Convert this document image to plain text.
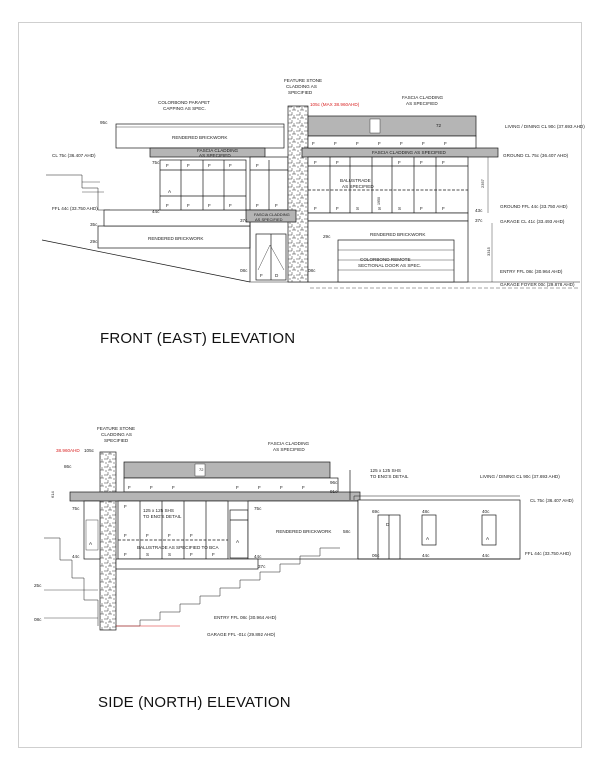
COLORBOND PARAPET
CAPPING AS SPEC.
FEATURE STONE
CLADDING AS
SPECIFIED
FASCIA CLADDING
AS SPECIFIED
105c (MAX 38.960AHD)
RENDERED BRICKWORK
FASCIA CLADDING
AS SPECIFIED
FASCIA CLADDING AS SPECIFIED
BALUSTRADE
AS SPECIFIED
FASCIA CLADDING
AS SPECIFIED
RENDERED BRICKWORK
RENDERED BRICKWORK
COLORBOND REMOTE
SECTIONAL DOOR AS SPEC.
95c
72
CL 75c (36.407 AHD)
75c
FFL 44c (33.750 AHD)
44c
37c
35c
29c
08c
29c
08c
43c
37c
LIVING / DINING CL 90c (37.693 AHD)
GROUND CL 75c (36.407 AHD)
GROUND FFL 44c (33.750 AHD)
GARAGE CL 41c (33.493 AHD)
ENTRY FFL 08c (30.964 AHD)
GARAGE FOYER 00c (29.878 AHD)
2357
3315
1950
F	F	F	F
A
F	F	F	F
F
F	F
F	D
F	F	F	F	F	F	F
F	F	F	F	F
F	F	S	S	F	F
S
FEATURE STONE
CLADDING AS
SPECIFIED
FASCIA CLADDING
AS SPECIFIED
38.960AHD
125 x 125 SHS
TO ENG'S DETAIL
125 x 125 SHS
TO ENG'S DETAIL
RENDERED BRICKWORK
BALUSTRADE AS SPECIFIED TO BCA
105c
86c
72
96c
91c
75c	75c
58c
44c	44c
37c
25c
08c
69c	48c	40c
06c	44c	44c
LIVING / DINING CL 90c (37.693 AHD)
CL 75c (36.407 AHD)
FFL 44c (33.750 AHD)
ENTRY FFL 08c (30.964 AHD)
GARAGE FFL -01c (29.892 AHD)
614
F	F	F	F	F	F	F
F
F	F	F	F
F	S	S	F	F
A
A
D
A	A
FRONT (EAST) ELEVATION
SIDE (NORTH) ELEVATION
